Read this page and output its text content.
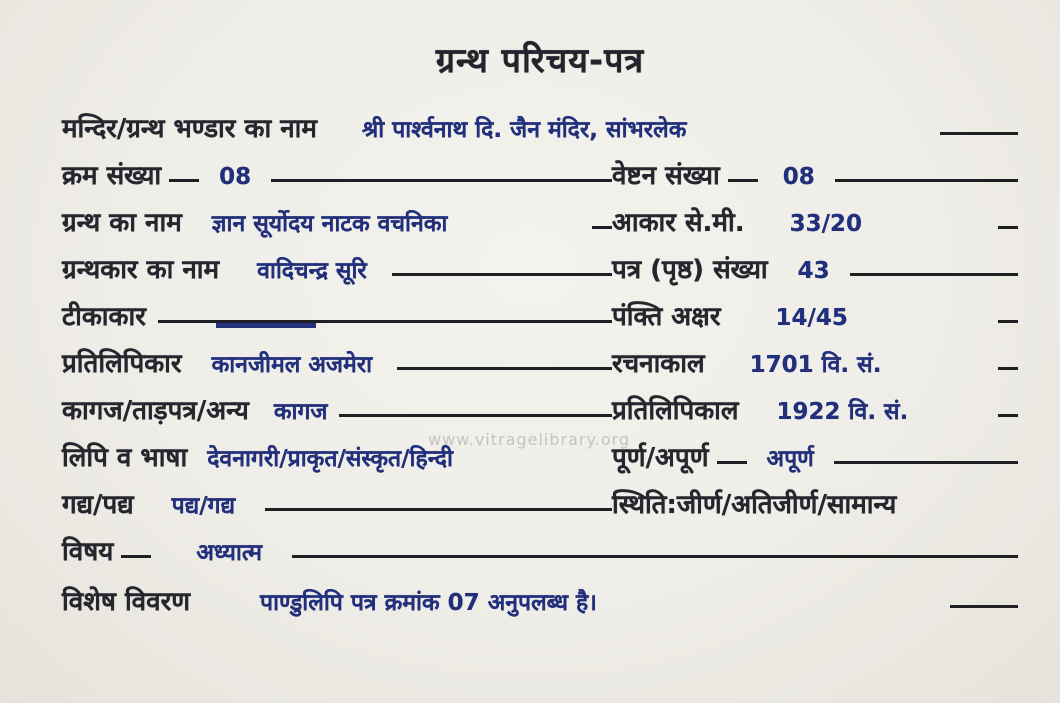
ग्रन्थ परिचय-पत्र
www.vitragelibrary.org
मन्दिर/ग्रन्थ भण्डार का नाम श्री पार्श्वनाथ दि. जैन मंदिर, सांभरलेक
क्रम संख्या	08	वेष्टन संख्या	08
ग्रन्थ का नाम ज्ञान सूर्योदय नाटक वचनिका	आकार से.मी. 33/20
ग्रन्थकार का नाम वादिचन्द्र सूरि	पत्र (पृष्ठ) संख्या 43
टीकाकार	पंक्ति अक्षर 14/45
प्रतिलिपिकार कानजीमल अजमेरा	रचनाकाल 1701 वि. सं.
कागज/ताड़पत्र/अन्य कागज	प्रतिलिपिकाल 1922 वि. सं.
लिपि व भाषा देवनागरी/प्राकृत/संस्कृत/हिन्दी	पूर्ण/अपूर्ण	अपूर्ण
गद्य/पद्य पद्य/गद्य	स्थिति:जीर्ण/अतिजीर्ण/सामान्य
विषय	अध्यात्म
विशेष विवरण	पाण्डुलिपि पत्र क्रमांक 07 अनुपलब्ध है।
